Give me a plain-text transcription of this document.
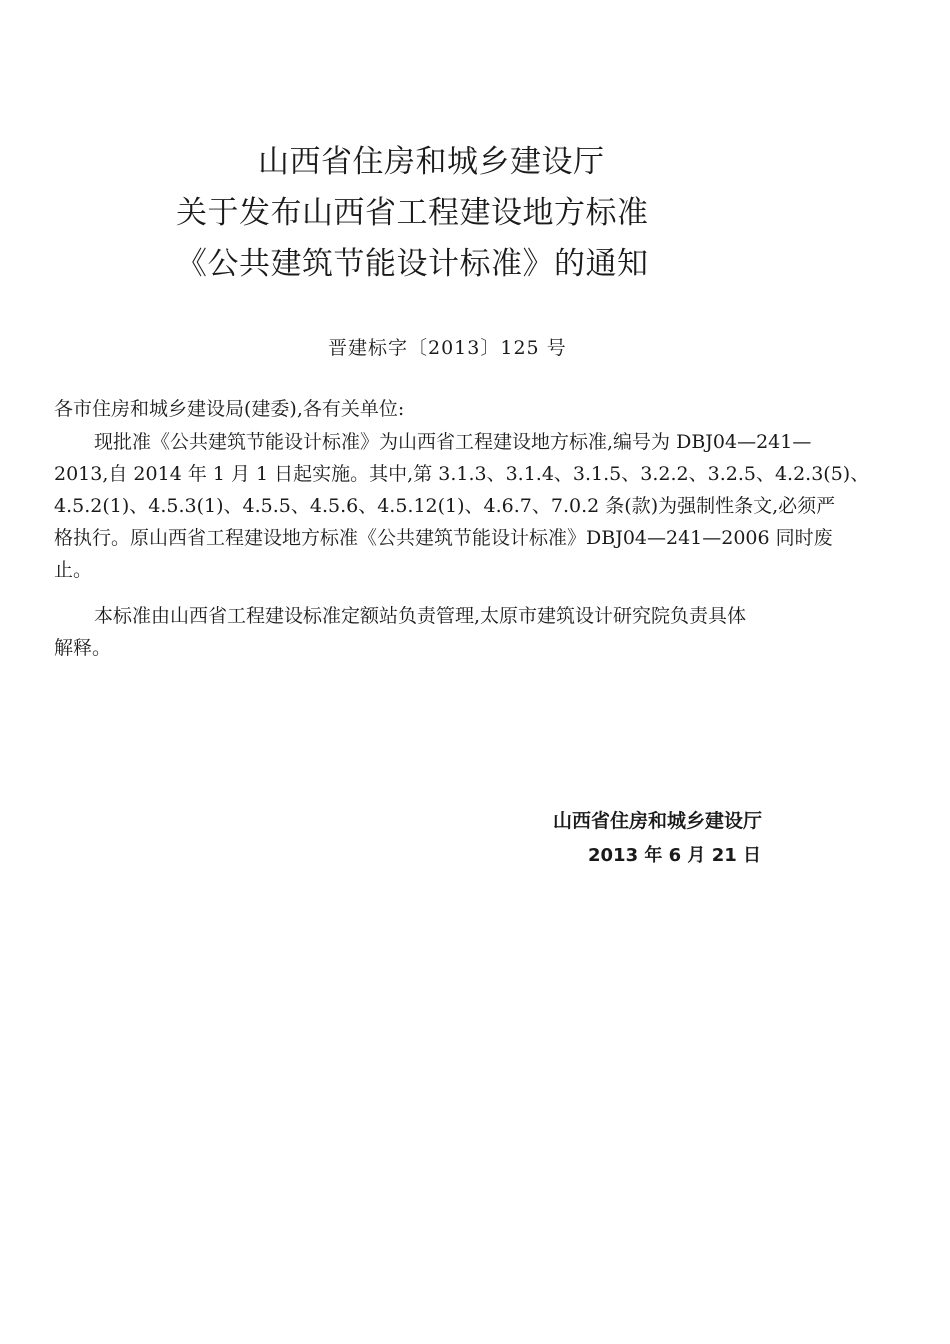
山西省住房和城乡建设厅
关于发布山西省工程建设地方标准
《公共建筑节能设计标准》的通知
晋建标字〔2013〕125 号
各市住房和城乡建设局(建委),各有关单位:
现批准《公共建筑节能设计标准》为山西省工程建设地方标准,编号为 DBJ04—241—
2013,自 2014 年 1 月 1 日起实施。其中,第 3.1.3、3.1.4、3.1.5、3.2.2、3.2.5、4.2.3(5)、
4.5.2(1)、4.5.3(1)、4.5.5、4.5.6、4.5.12(1)、4.6.7、7.0.2 条(款)为强制性条文,必须严
格执行。原山西省工程建设地方标准《公共建筑节能设计标准》DBJ04—241—2006 同时废
止。
本标准由山西省工程建设标准定额站负责管理,太原市建筑设计研究院负责具体
解释。
山西省住房和城乡建设厅
2013 年 6 月 21 日
